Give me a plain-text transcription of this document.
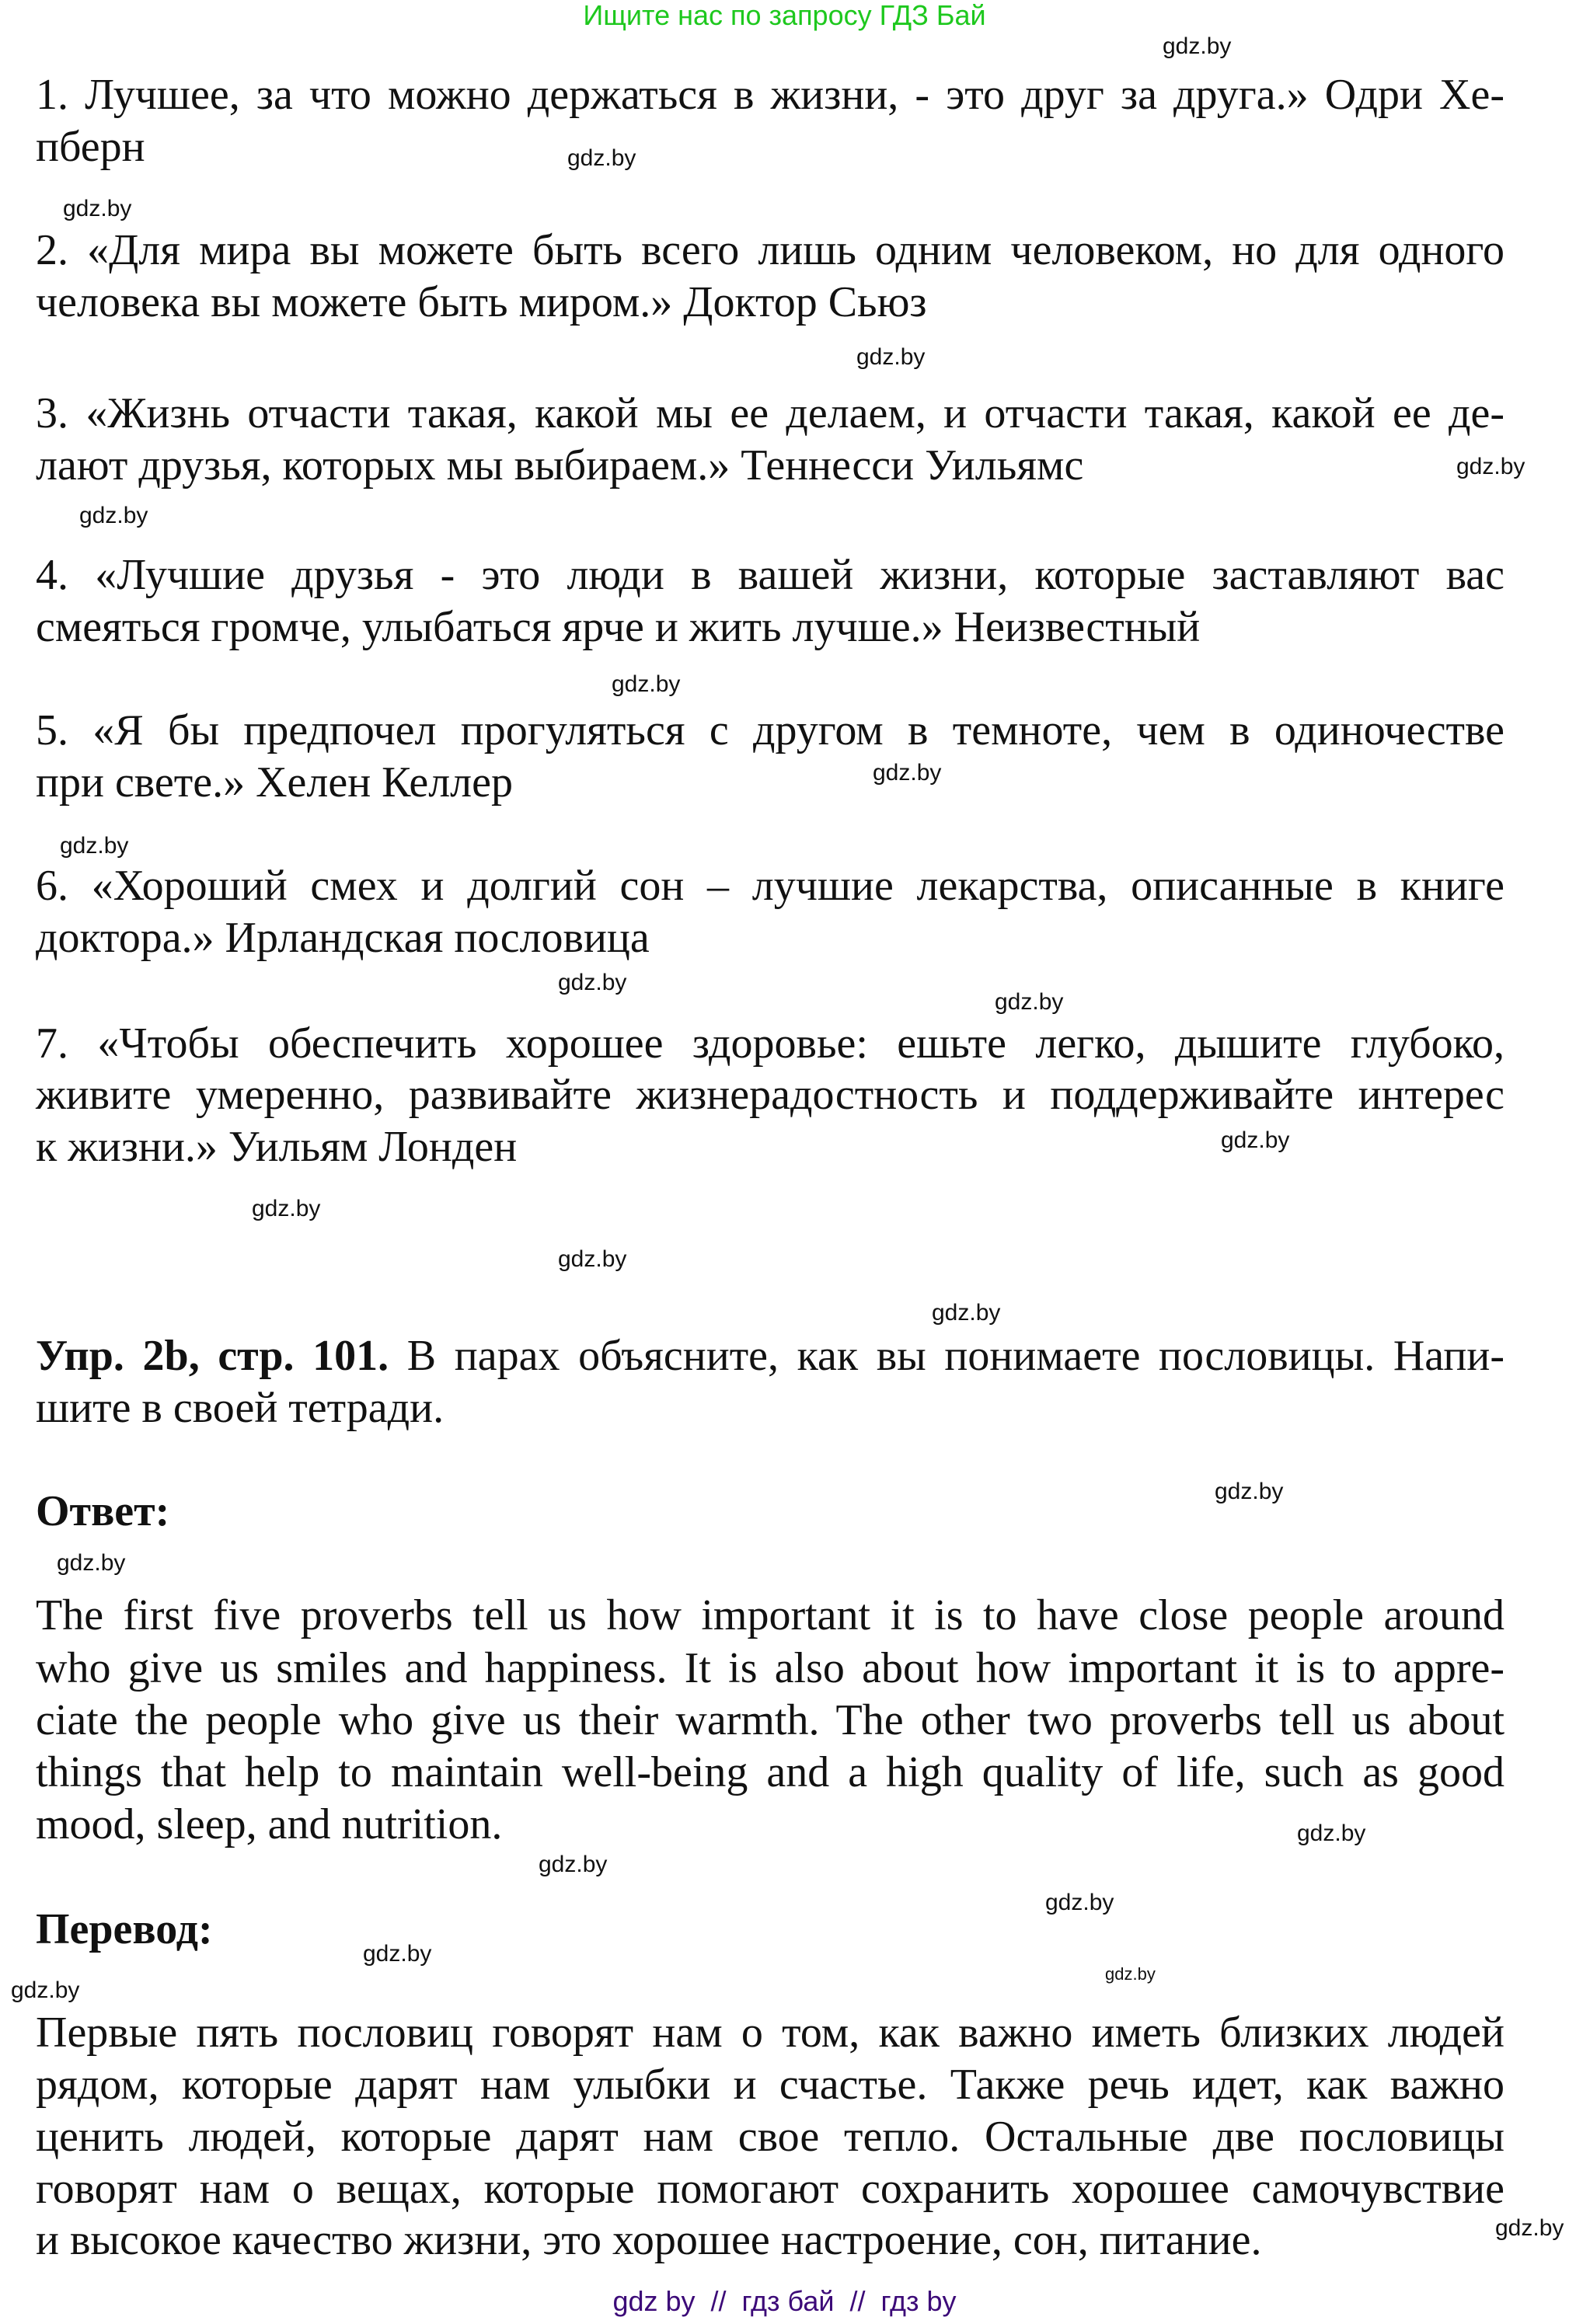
Ищите нас по запросу ГДЗ Бай
1. Лучшее, за что можно держаться в жизни, - это друг за друга.» Одри Хе-
пберн
2. «Для мира вы можете быть всего лишь одним человеком, но для одного
человека вы можете быть миром.» Доктор Сьюз
3. «Жизнь отчасти такая, какой мы ее делаем, и отчасти такая, какой ее де-
лают друзья, которых мы выбираем.» Теннесси Уильямс
4. «Лучшие друзья - это люди в вашей жизни, которые заставляют вас
смеяться громче, улыбаться ярче и жить лучше.» Неизвестный
5. «Я бы предпочел прогуляться с другом в темноте, чем в одиночестве
при свете.» Хелен Келлер
6. «Хороший смех и долгий сон – лучшие лекарства, описанные в книге
доктора.» Ирландская пословица
7. «Чтобы обеспечить хорошее здоровье: ешьте легко, дышите глубоко,
живите умеренно, развивайте жизнерадостность и поддерживайте интерес
к жизни.» Уильям Лонден
Упр. 2b, стр. 101. В парах объясните, как вы понимаете пословицы. Напи-
шите в своей тетради.
Ответ:
The first five proverbs tell us how important it is to have close people around
who give us smiles and happiness. It is also about how important it is to appre-
ciate the people who give us their warmth. The other two proverbs tell us about
things that help to maintain well-being and a high quality of life, such as good
mood, sleep, and nutrition.
Перевод:
Первые пять пословиц говорят нам о том, как важно иметь близких людей
рядом, которые дарят нам улыбки и счастье. Также речь идет, как важно
ценить людей, которые дарят нам свое тепло. Остальные две пословицы
говорят нам о вещах, которые помогают сохранить хорошее самочувствие
и высокое качество жизни, это хорошее настроение, сон, питание.
gdz.by
gdz.by
gdz.by
gdz.by
gdz.by
gdz.by
gdz.by
gdz.by
gdz.by
gdz.by
gdz.by
gdz.by
gdz.by
gdz.by
gdz.by
gdz.by
gdz.by
gdz.by
gdz.by
gdz.by
gdz.by
gdz.by
gdz.by
gdz.by
gdz by  //  гдз бай  //  гдз by
